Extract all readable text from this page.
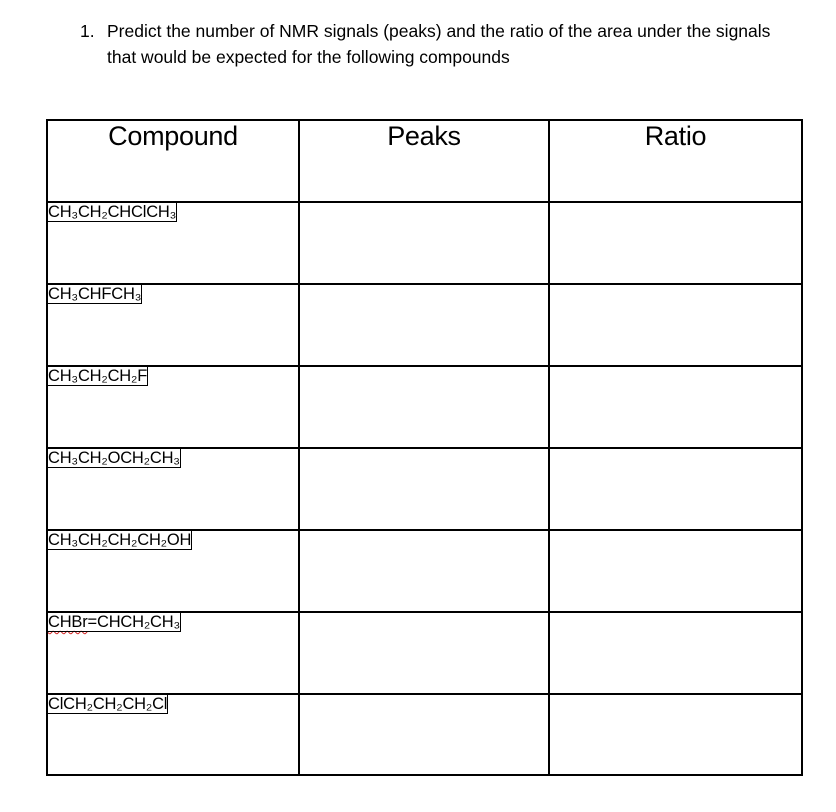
1. Predict the number of NMR signals (peaks) and the ratio of the area under the signals that would be expected for the following compounds
Compound	Peaks	Ratio
CH₃CH₂CHClCH₃		
CH₃CHFCH₃		
CH₃CH₂CH₂F		
CH₃CH₂OCH₂CH₃		
CH₃CH₂CH₂CH₂OH		
CHBr=CHCH₂CH₃		
ClCH₂CH₂CH₂Cl		
